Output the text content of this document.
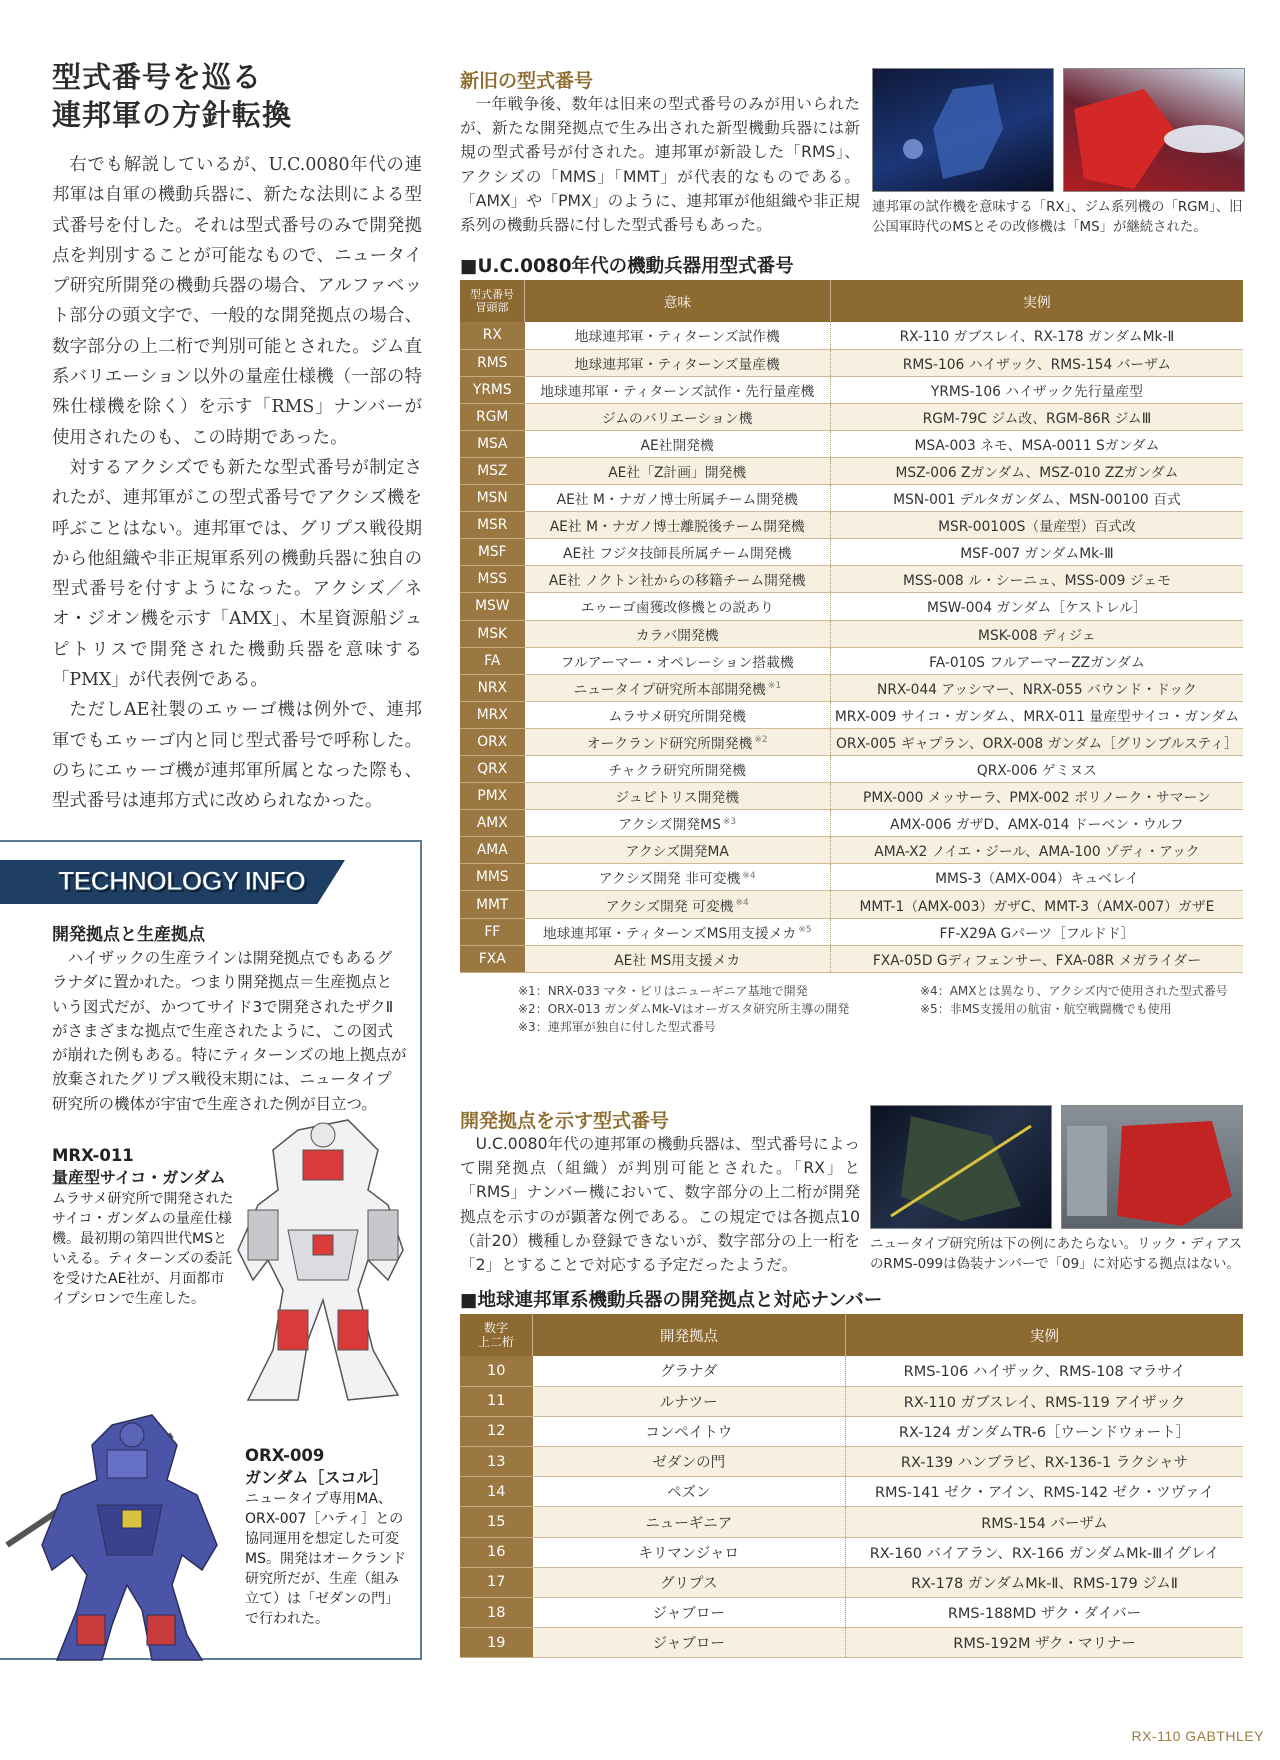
型式番号を巡る
連邦軍の方針転換

右でも解説しているが、U.C.0080年代の連邦軍は自軍の機動兵器に、新たな法則による型式番号を付した。それは型式番号のみで開発拠点を判別することが可能なもので、ニュータイプ研究所開発の機動兵器の場合、アルファベット部分の頭文字で、一般的な開発拠点の場合、数字部分の上二桁で判別可能とされた。ジム直系バリエーション以外の量産仕様機（一部の特殊仕様機を除く）を示す「RMS」ナンバーが使用されたのも、この時期であった。

対するアクシズでも新たな型式番号が制定されたが、連邦軍がこの型式番号でアクシズ機を呼ぶことはない。連邦軍では、グリプス戦役期から他組織や非正規軍系列の機動兵器に独自の型式番号を付すようになった。アクシズ／ネオ・ジオン機を示す「AMX」、木星資源船ジュピトリスで開発された機動兵器を意味する「PMX」が代表例である。

ただしAE社製のエゥーゴ機は例外で、連邦軍でもエゥーゴ内と同じ型式番号で呼称した。のちにエゥーゴ機が連邦軍所属となった際も、型式番号は連邦方式に改められなかった。

TECHNOLOGY INFO
開発拠点と生産拠点

ハイザックの生産ラインは開発拠点でもあるグラナダに置かれた。つまり開発拠点＝生産拠点という図式だが、かつてサイド3で開発されたザクⅡがさまざまな拠点で生産されたように、この図式が崩れた例もある。特にティターンズの地上拠点が放棄されたグリプス戦役末期には、ニュータイプ研究所の機体が宇宙で生産された例が目立つ。

MRX-011
量産型サイコ・ガンダム
ムラサメ研究所で開発されたサイコ・ガンダムの量産仕様機。最初期の第四世代MSといえる。ティターンズの委託を受けたAE社が、月面都市イプシロンで生産した。
ORX-009
ガンダム［スコル］
ニュータイプ専用MA、ORX-007［ハティ］との協同運用を想定した可変MS。開発はオークランド研究所だが、生産（組み立て）は「ゼダンの門」で行われた。
新旧の型式番号

一年戦争後、数年は旧来の型式番号のみが用いられたが、新たな開発拠点で生み出された新型機動兵器には新規の型式番号が付された。連邦軍が新設した「RMS」、アクシズの「MMS」「MMT」が代表的なものである。「AMX」や「PMX」のように、連邦軍が他組織や非正規系列の機動兵器に付した型式番号もあった。

連邦軍の試作機を意味する「RX」、ジム系列機の「RGM」、旧公国軍時代のMSとその改修機は「MS」が継続された。
■U.C.0080年代の機動兵器用型式番号
型式番号
冒頭部	意味	実例
RX	地球連邦軍・ティターンズ試作機	RX-110 ガブスレイ、RX-178 ガンダムMk-Ⅱ
RMS	地球連邦軍・ティターンズ量産機	RMS-106 ハイザック、RMS-154 バーザム
YRMS	地球連邦軍・ティターンズ試作・先行量産機	YRMS-106 ハイザック先行量産型
RGM	ジムのバリエーション機	RGM-79C ジム改、RGM-86R ジムⅢ
MSA	AE社開発機	MSA-003 ネモ、MSA-0011 Sガンダム
MSZ	AE社「Z計画」開発機	MSZ-006 Zガンダム、MSZ-010 ZZガンダム
MSN	AE社 M・ナガノ博士所属チーム開発機	MSN-001 デルタガンダム、MSN-00100 百式
MSR	AE社 M・ナガノ博士離脱後チーム開発機	MSR-00100S（量産型）百式改
MSF	AE社 フジタ技師長所属チーム開発機	MSF-007 ガンダムMk-Ⅲ
MSS	AE社 ノクトン社からの移籍チーム開発機	MSS-008 ル・シーニュ、MSS-009 ジェモ
MSW	エゥーゴ鹵獲改修機との説あり	MSW-004 ガンダム［ケストレル］
MSK	カラバ開発機	MSK-008 ディジェ
FA	フルアーマー・オペレーション搭載機	FA-010S フルアーマーZZガンダム
NRX	ニュータイプ研究所本部開発機 $^{※1}$	NRX-044 アッシマー、NRX-055 バウンド・ドック
MRX	ムラサメ研究所開発機	MRX-009 サイコ・ガンダム、MRX-011 量産型サイコ・ガンダム
ORX	オークランド研究所開発機 $^{※2}$	ORX-005 ギャプラン、ORX-008 ガンダム［グリンブルスティ］
QRX	チャクラ研究所開発機	QRX-006 ゲミヌス
PMX	ジュピトリス開発機	PMX-000 メッサーラ、PMX-002 ボリノーク・サマーン
AMX	アクシズ開発MS $^{※3}$	AMX-006 ガザD、AMX-014 ドーベン・ウルフ
AMA	アクシズ開発MA	AMA-X2 ノイエ・ジール、AMA-100 ゾディ・アック
MMS	アクシズ開発 非可変機 $^{※4}$	MMS-3（AMX-004）キュベレイ
MMT	アクシズ開発 可変機 $^{※4}$	MMT-1（AMX-003）ガザC、MMT-3（AMX-007）ガザE
FF	地球連邦軍・ティターンズMS用支援メカ $^{※5}$	FF-X29A Gパーツ［フルドド］
FXA	AE社 MS用支援メカ	FXA-05D Gディフェンサー、FXA-08R メガライダー
※1：NRX-033 マタ・ビリはニューギニア基地で開発
※2：ORX-013 ガンダムMk-Ⅴはオーガスタ研究所主導の開発
※3：連邦軍が独自に付した型式番号
※4：AMXとは異なり、アクシズ内で使用された型式番号
※5：非MS支援用の航宙・航空戦闘機でも使用
開発拠点を示す型式番号

U.C.0080年代の連邦軍の機動兵器は、型式番号によって開発拠点（組織）が判別可能とされた。「RX」と「RMS」ナンバー機において、数字部分の上二桁が開発拠点を示すのが顕著な例である。この規定では各拠点10（計20）機種しか登録できないが、数字部分の上一桁を「2」とすることで対応する予定だったようだ。

ニュータイプ研究所は下の例にあたらない。リック・ディアスのRMS-099は偽装ナンバーで「09」に対応する拠点はない。
■地球連邦軍系機動兵器の開発拠点と対応ナンバー
数字
上二桁	開発拠点	実例
10	グラナダ	RMS-106 ハイザック、RMS-108 マラサイ
11	ルナツー	RX-110 ガブスレイ、RMS-119 アイザック
12	コンペイトウ	RX-124 ガンダムTR-6［ウーンドウォート］
13	ゼダンの門	RX-139 ハンブラビ、RX-136-1 ラクシャサ
14	ペズン	RMS-141 ゼク・アイン、RMS-142 ゼク・ツヴァイ
15	ニューギニア	RMS-154 バーザム
16	キリマンジャロ	RX-160 バイアラン、RX-166 ガンダムMk-Ⅲイグレイ
17	グリプス	RX-178 ガンダムMk-Ⅱ、RMS-179 ジムⅡ
18	ジャブロー	RMS-188MD ザク・ダイバー
19	ジャブロー	RMS-192M ザク・マリナー
RX-110 GABTHLEY
